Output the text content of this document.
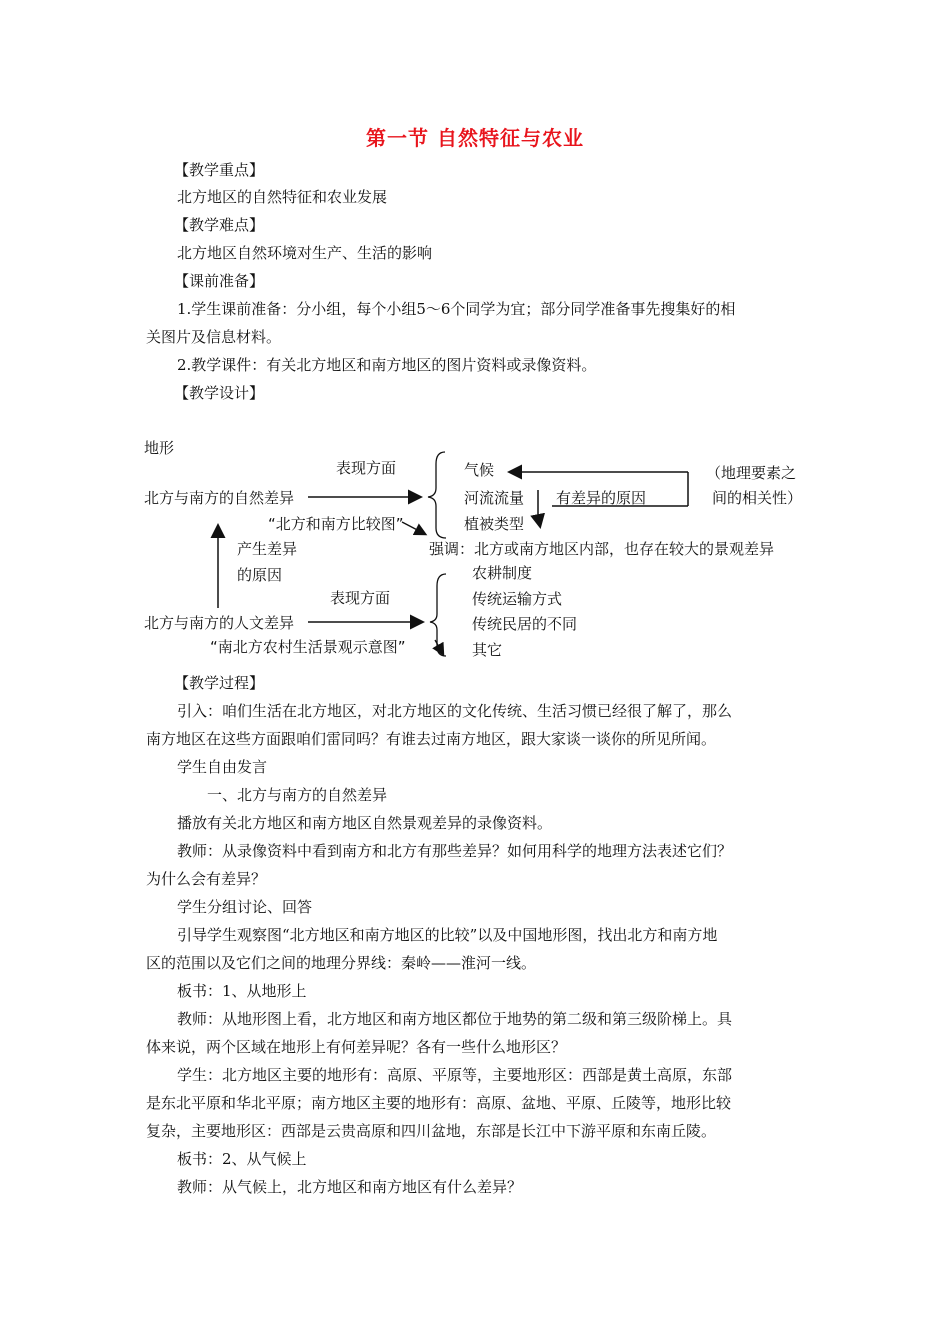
第一节 自然特征与农业
【教学重点】
北方地区的自然特征和农业发展
【教学难点】
北方地区自然环境对生产、生活的影响
【课前准备】
1.学生课前准备：分小组，每个小组5～6个同学为宜；部分同学准备事先搜集好的相
关图片及信息材料。
2.教学课件：有关北方地区和南方地区的图片资料或录像资料。
【教学设计】
地形
表现方面
北方与南方的自然差异
“北方和南方比较图”
气候
河流流量
植被类型
有差异的原因
（地理要素之
间的相关性）
强调：北方或南方地区内部，也存在较大的景观差异
产生差异
的原因
表现方面
北方与南方的人文差异
“南北方农村生活景观示意图”
农耕制度
传统运输方式
传统民居的不同
其它
【教学过程】
引入：咱们生活在北方地区，对北方地区的文化传统、生活习惯已经很了解了，那么
南方地区在这些方面跟咱们雷同吗？有谁去过南方地区，跟大家谈一谈你的所见所闻。
学生自由发言
一、北方与南方的自然差异
播放有关北方地区和南方地区自然景观差异的录像资料。
教师：从录像资料中看到南方和北方有那些差异？如何用科学的地理方法表述它们？
为什么会有差异？
学生分组讨论、回答
引导学生观察图“北方地区和南方地区的比较”以及中国地形图，找出北方和南方地
区的范围以及它们之间的地理分界线：秦岭——淮河一线。
板书：1、从地形上
教师：从地形图上看，北方地区和南方地区都位于地势的第二级和第三级阶梯上。具
体来说，两个区域在地形上有何差异呢？各有一些什么地形区？
学生：北方地区主要的地形有：高原、平原等，主要地形区：西部是黄土高原，东部
是东北平原和华北平原；南方地区主要的地形有：高原、盆地、平原、丘陵等，地形比较
复杂，主要地形区：西部是云贵高原和四川盆地，东部是长江中下游平原和东南丘陵。
板书：2、从气候上
教师：从气候上，北方地区和南方地区有什么差异？
